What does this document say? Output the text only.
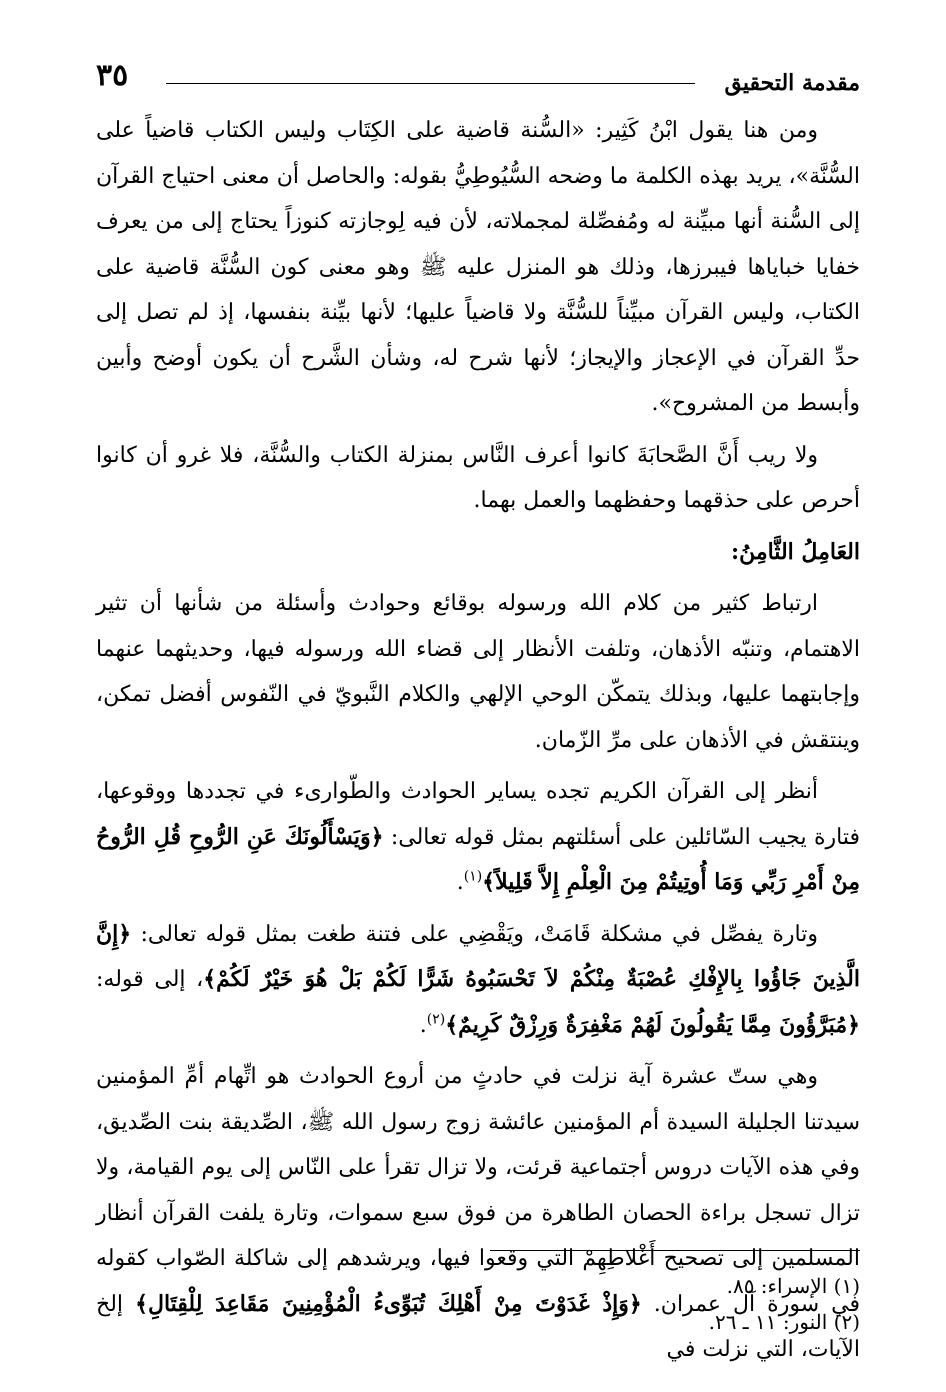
مقدمة التحقيق
٣٥

ومن هنا يقول ابْنُ كَثِير: «السُّنة قاضية على الكِتَاب وليس الكتاب قاضياً على السُّنَّة»، يريد بهذه الكلمة ما وضحه السُّيُوطِيُّ بقوله: والحاصل أن معنى احتياج القرآن إلى السُّنة أنها مبيِّنة له ومُفصِّلة لمجملاته، لأن فيه لِوجازته كنوزاً يحتاج إلى من يعرف خفايا خباياها فيبرزها، وذلك هو المنزل عليه ﷺ وهو معنى كون السُّنَّة قاضية على الكتاب، وليس القرآن مبيِّناً للسُّنَّة ولا قاضياً عليها؛ لأنها بيِّنة بنفسها، إذ لم تصل إلى حدِّ القرآن في الإعجاز والإيجاز؛ لأنها شرح له، وشأن الشَّرح أن يكون أوضح وأبين وأبسط من المشروح».

ولا ريب أَنَّ الصَّحابَةَ كانوا أعرف النَّاس بمنزلة الكتاب والسُّنَّة، فلا غرو أن كانوا أحرص على حذقهما وحفظهما والعمل بهما.

العَامِلُ الثَّامِنُ:

ارتباط كثير من كلام الله ورسوله بوقائع وحوادث وأسئلة من شأنها أن تثير الاهتمام، وتنبّه الأذهان، وتلفت الأنظار إلى قضاء الله ورسوله فيها، وحديثهما عنهما وإجابتهما عليها، وبذلك يتمكّن الوحي الإلهي والكلام النَّبويّ في النّفوس أفضل تمكن، وينتقش في الأذهان على مرِّ الزّمان.

أنظر إلى القرآن الكريم تجده يساير الحوادث والطّوارىء في تجددها ووقوعها، فتارة يجيب السّائلين على أسئلتهم بمثل قوله تعالى: ﴿وَيَسْأَلُونَكَ عَنِ الرُّوحِ قُلِ الرُّوحُ مِنْ أَمْرِ رَبِّي وَمَا أُوتِيتُمْ مِنَ الْعِلْمِ إِلاَّ قَلِيلاً﴾$^{(١)}$.

وتارة يفصِّل في مشكلة قَامَتْ، ويَقْضِي على فتنة طغت بمثل قوله تعالى: ﴿إِنَّ الَّذِينَ جَاؤُوا بِالإِفْكِ عُصْبَةٌ مِنْكُمْ لاَ تَحْسَبُوهُ شَرًّا لَكُمْ بَلْ هُوَ خَيْرٌ لَكُمْ﴾، إلى قوله: ﴿مُبَرَّؤُونَ مِمَّا يَقُولُونَ لَهُمْ مَغْفِرَةٌ وَرِزْقٌ كَرِيمٌ﴾$^{(٢)}$.

وهي ستّ عشرة آية نزلت في حادثٍ من أروع الحوادث هو اتِّهام أمِّ المؤمنين سيدتنا الجليلة السيدة أم المؤمنين عائشة زوج رسول الله ﷺ، الصِّديقة بنت الصِّديق، وفي هذه الآيات دروس أجتماعية قرئت، ولا تزال تقرأ على النّاس إلى يوم القيامة، ولا تزال تسجل براءة الحصان الطاهرة من فوق سبع سموات، وتارة يلفت القرآن أنظار المسلمين إلى تصحيح أَغْلاطِهِمْ التي وقعوا فيها، ويرشدهم إلى شاكلة الصّواب كقوله في سورة آل عمران. ﴿وَإِذْ غَدَوْتَ مِنْ أَهْلِكَ تُبَوِّىءُ الْمُؤْمِنِينَ مَقَاعِدَ لِلْقِتَالِ﴾ إلخ الآيات، التي نزلت في

(١) الإسراء: ٨٥.
(٢) النور: ١١ ـ ٢٦.
